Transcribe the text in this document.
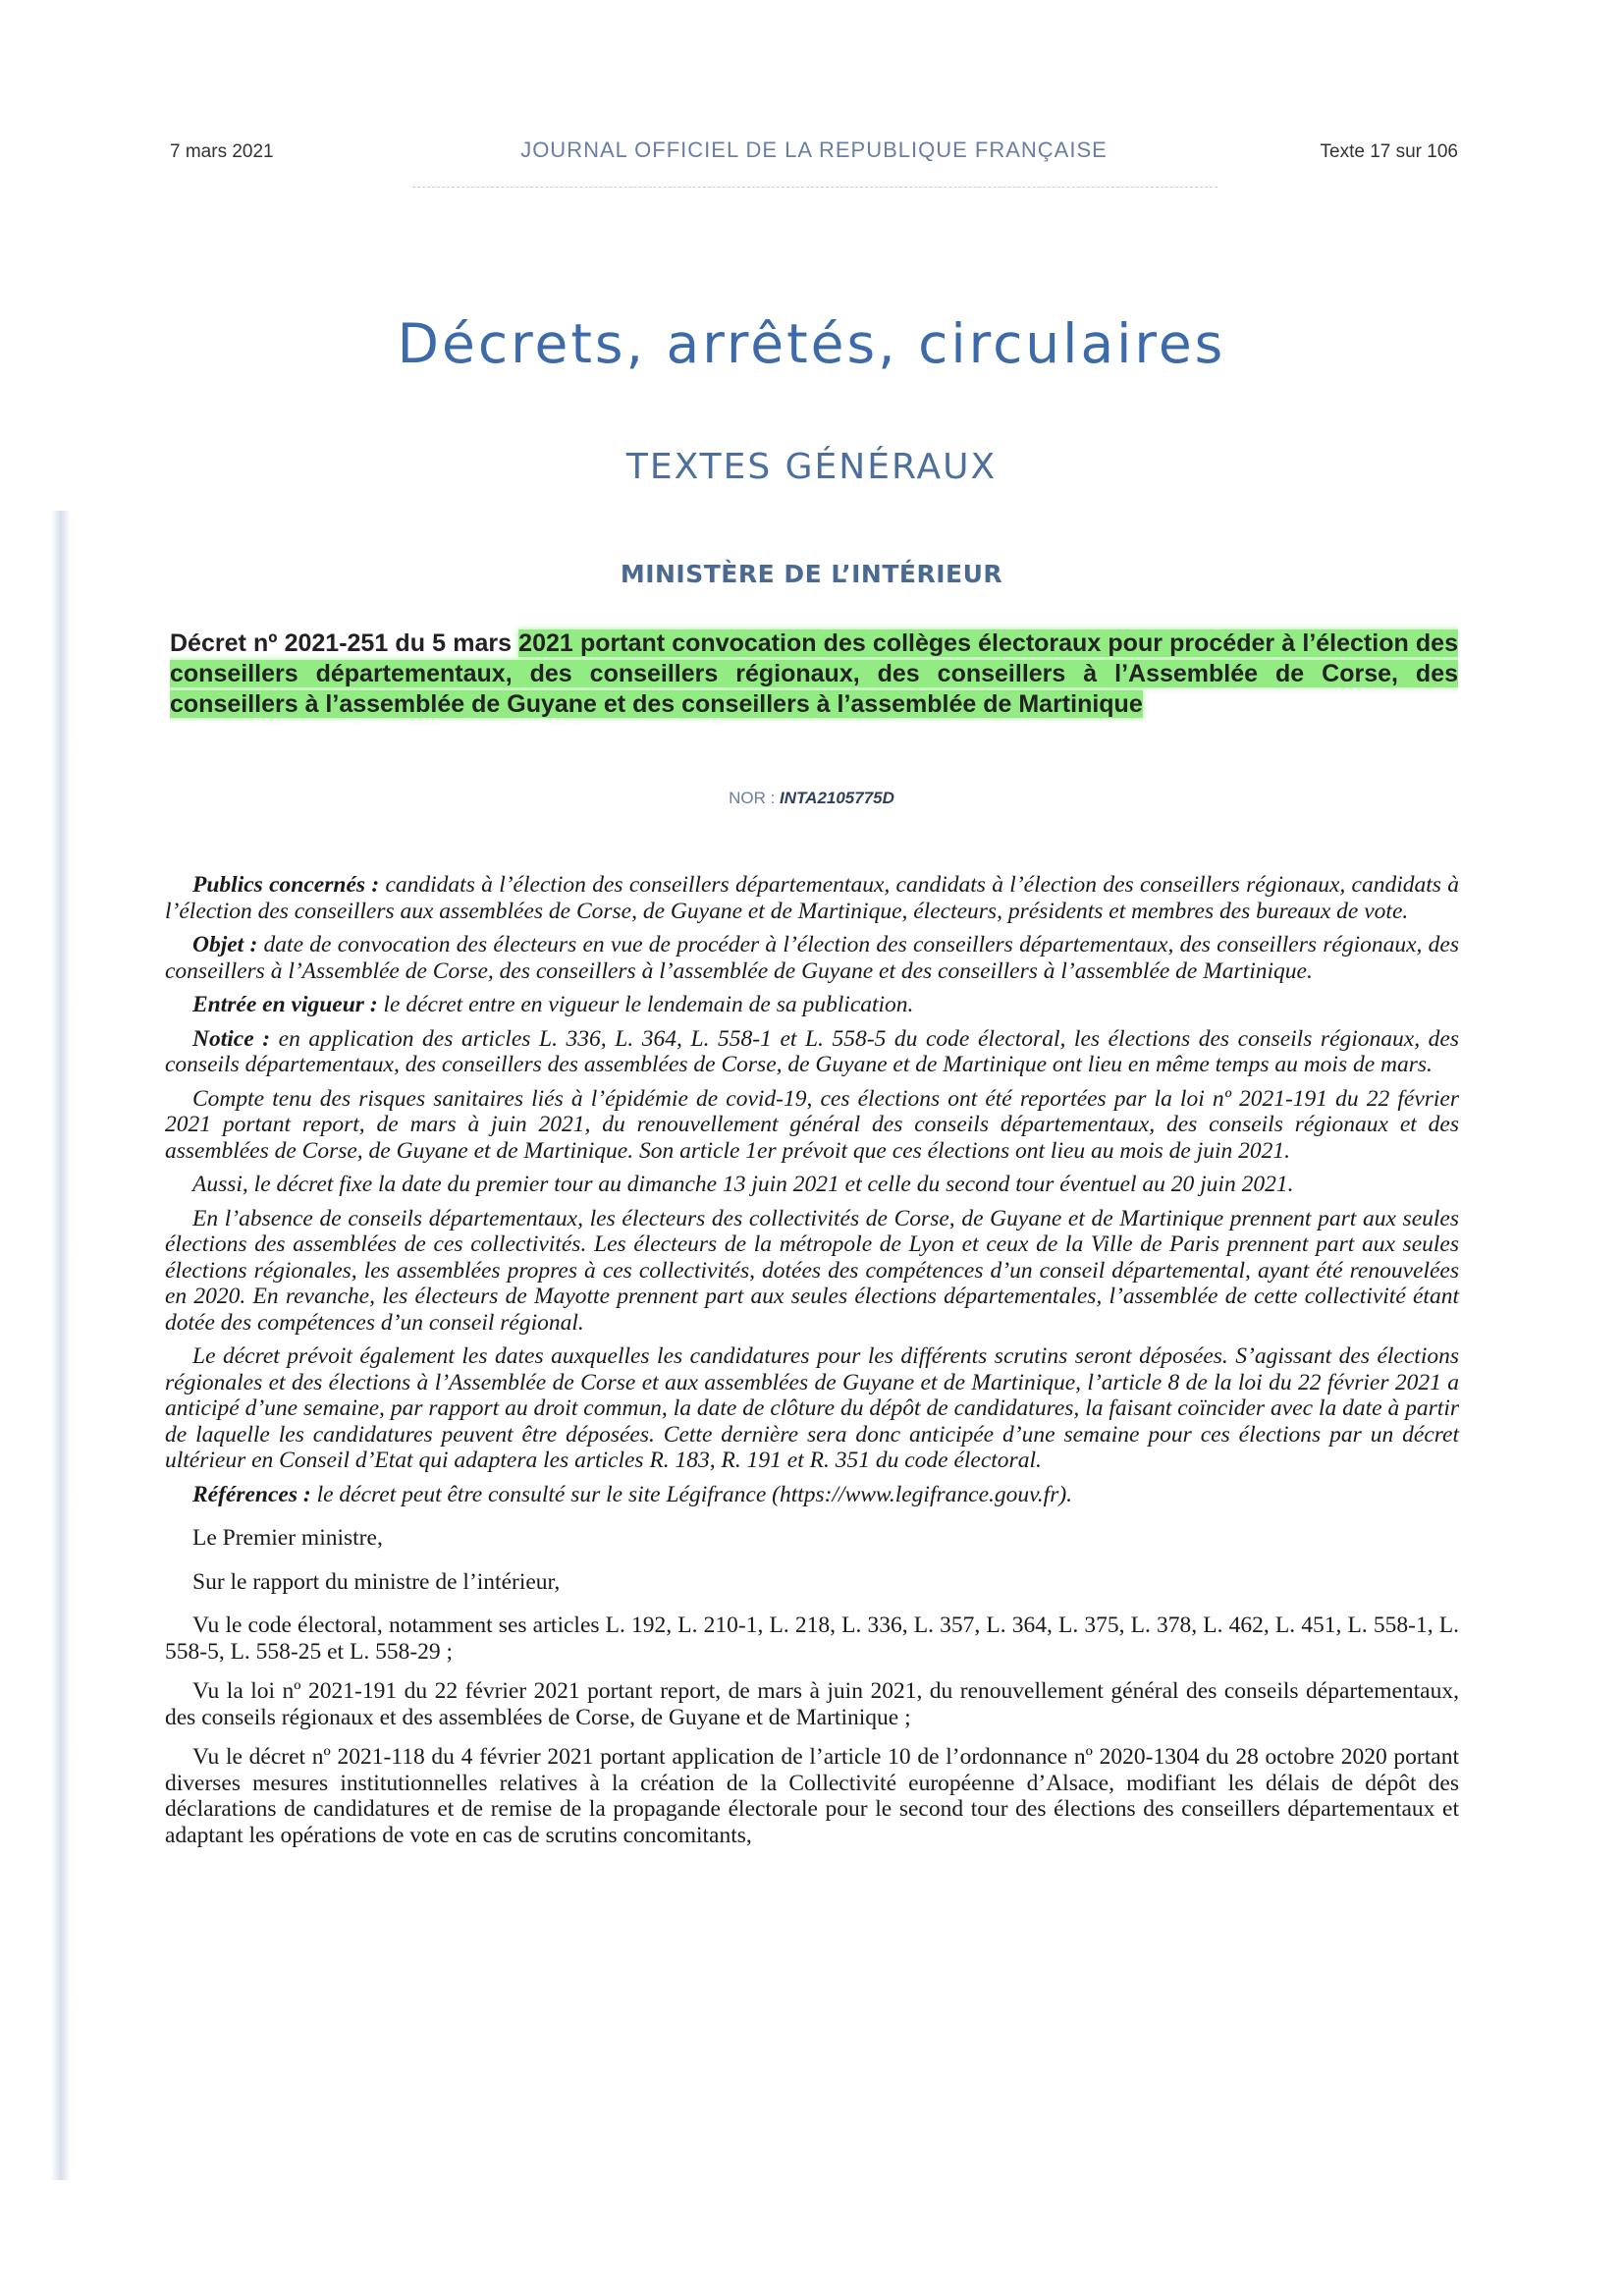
7 mars 2021	JOURNAL OFFICIEL DE LA REPUBLIQUE FRANÇAISE	Texte 17 sur 106
Décrets, arrêtés, circulaires
TEXTES GÉNÉRAUX
MINISTÈRE DE L’INTÉRIEUR
Décret nº 2021-251 du 5 mars 2021 portant convocation des collèges électoraux pour procéder à l’élection des conseillers départementaux, des conseillers régionaux, des conseillers à l’Assemblée de Corse, des conseillers à l’assemblée de Guyane et des conseillers à l’assemblée de Martinique
NOR : INTA2105775D

Publics concernés : candidats à l’élection des conseillers départementaux, candidats à l’élection des conseillers régionaux, candidats à l’élection des conseillers aux assemblées de Corse, de Guyane et de Martinique, électeurs, présidents et membres des bureaux de vote.

Objet : date de convocation des électeurs en vue de procéder à l’élection des conseillers départementaux, des conseillers régionaux, des conseillers à l’Assemblée de Corse, des conseillers à l’assemblée de Guyane et des conseillers à l’assemblée de Martinique.

Entrée en vigueur : le décret entre en vigueur le lendemain de sa publication.

Notice : en application des articles L. 336, L. 364, L. 558-1 et L. 558-5 du code électoral, les élections des conseils régionaux, des conseils départementaux, des conseillers des assemblées de Corse, de Guyane et de Martinique ont lieu en même temps au mois de mars.

Compte tenu des risques sanitaires liés à l’épidémie de covid-19, ces élections ont été reportées par la loi nº 2021-191 du 22 février 2021 portant report, de mars à juin 2021, du renouvellement général des conseils départementaux, des conseils régionaux et des assemblées de Corse, de Guyane et de Martinique. Son article 1er prévoit que ces élections ont lieu au mois de juin 2021.

Aussi, le décret fixe la date du premier tour au dimanche 13 juin 2021 et celle du second tour éventuel au 20 juin 2021.

En l’absence de conseils départementaux, les électeurs des collectivités de Corse, de Guyane et de Martinique prennent part aux seules élections des assemblées de ces collectivités. Les électeurs de la métropole de Lyon et ceux de la Ville de Paris prennent part aux seules élections régionales, les assemblées propres à ces collectivités, dotées des compétences d’un conseil départemental, ayant été renouvelées en 2020. En revanche, les électeurs de Mayotte prennent part aux seules élections départementales, l’assemblée de cette collectivité étant dotée des compétences d’un conseil régional.

Le décret prévoit également les dates auxquelles les candidatures pour les différents scrutins seront déposées. S’agissant des élections régionales et des élections à l’Assemblée de Corse et aux assemblées de Guyane et de Martinique, l’article 8 de la loi du 22 février 2021 a anticipé d’une semaine, par rapport au droit commun, la date de clôture du dépôt de candidatures, la faisant coïncider avec la date à partir de laquelle les candidatures peuvent être déposées. Cette dernière sera donc anticipée d’une semaine pour ces élections par un décret ultérieur en Conseil d’Etat qui adaptera les articles R. 183, R. 191 et R. 351 du code électoral.

Références : le décret peut être consulté sur le site Légifrance (https://www.legifrance.gouv.fr).

Le Premier ministre,

Sur le rapport du ministre de l’intérieur,

Vu le code électoral, notamment ses articles L. 192, L. 210-1, L. 218, L. 336, L. 357, L. 364, L. 375, L. 378, L. 462, L. 451, L. 558-1, L. 558-5, L. 558-25 et L. 558-29 ;

Vu la loi nº 2021-191 du 22 février 2021 portant report, de mars à juin 2021, du renouvellement général des conseils départementaux, des conseils régionaux et des assemblées de Corse, de Guyane et de Martinique ;

Vu le décret nº 2021-118 du 4 février 2021 portant application de l’article 10 de l’ordonnance nº 2020-1304 du 28 octobre 2020 portant diverses mesures institutionnelles relatives à la création de la Collectivité européenne d’Alsace, modifiant les délais de dépôt des déclarations de candidatures et de remise de la propagande électorale pour le second tour des élections des conseillers départementaux et adaptant les opérations de vote en cas de scrutins concomitants,
